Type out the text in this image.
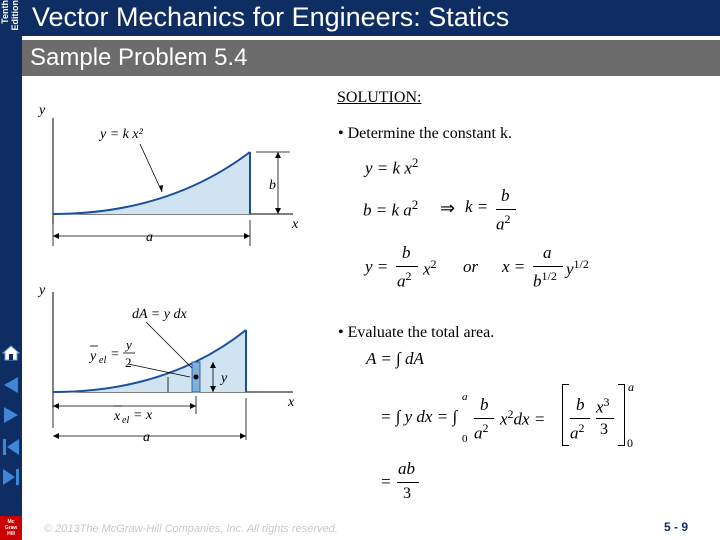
Tenth Edition Vector Mechanics for Engineers: Statics
Sample Problem 5.4
Mc
Graw
Hill
y
x
y = k x²
b
a
y
x
dA = y dx
y
y el =
y
2
x el = x
a
SOLUTION:
• Determine the constant k.
y = k $x^2$
b = k $a^2$ ⇒ k =
b
$a^2$
y =
b
$a^2$ $x^2$ or x =
a
$b^{1/2}$ $y^{1/2}$
• Evaluate the total area.
A = ∫ dA
= ∫ y dx = ∫
a
0
b
$a^2$ $x^2dx$ =
b
$a^2$
$x^3$
3
a
0
=
ab
3
© 2013The McGraw-Hill Companies, Inc. All rights reserved.	5 - 9
